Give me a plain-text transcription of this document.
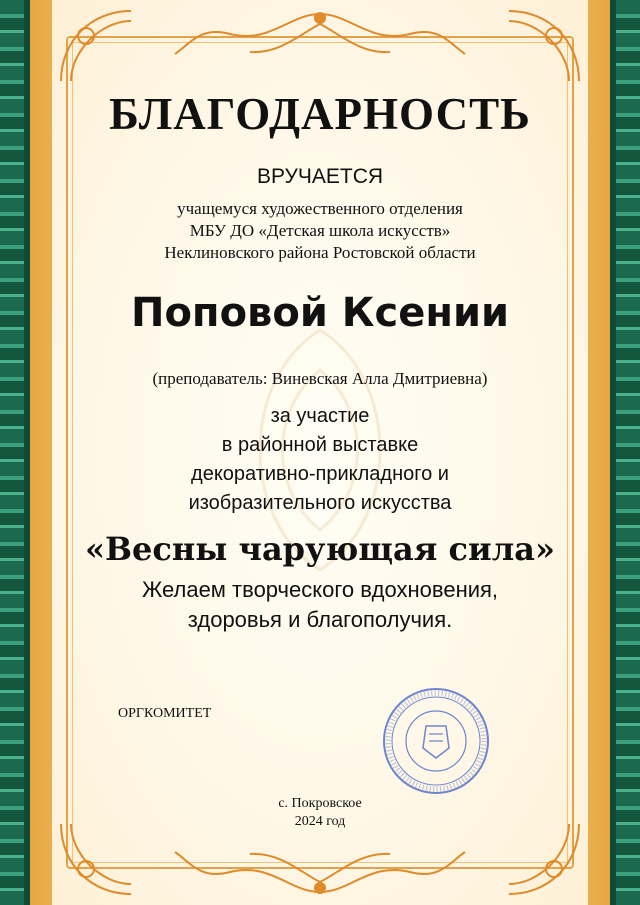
БЛАГОДАРНОСТЬ

ВРУЧАЕТСЯ

учащемуся художественного отделения
МБУ ДО «Детская школа искусств»
Неклиновского района Ростовской области

Поповой Ксении

(преподаватель: Виневская Алла Дмитриевна)

за участие
в районной выставке
декоративно-прикладного и
изобразительного искусства

«Весны чарующая сила»

Желаем творческого вдохновения,
здоровья и благополучия.
ОРГКОМИТЕТ
с. Покровское
2024 год
